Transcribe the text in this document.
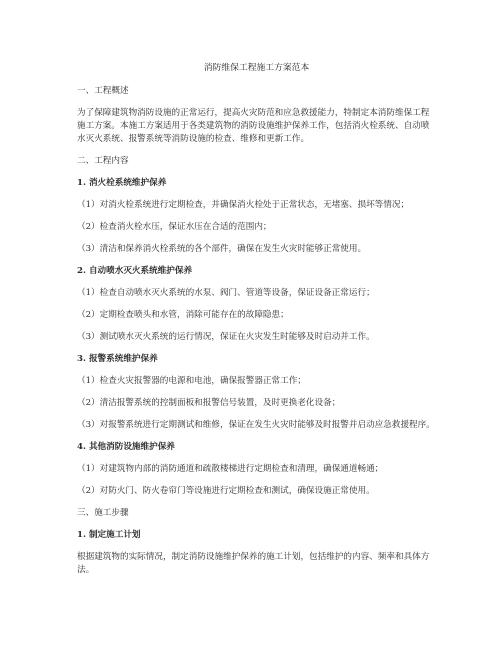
消防维保工程施工方案范本
一、工程概述
为了保障建筑物消防设施的正常运行，提高火灾防范和应急救援能力，特制定本消防维保工程施工方案。本施工方案适用于各类建筑物的消防设施维护保养工作，包括消火栓系统、自动喷水灭火系统、报警系统等消防设施的检查、维修和更新工作。
二、工程内容
1. 消火栓系统维护保养
（1）对消火栓系统进行定期检查，并确保消火栓处于正常状态，无堵塞、损坏等情况；
（2）检查消火栓水压，保证水压在合适的范围内；
（3）清洁和保养消火栓系统的各个部件，确保在发生火灾时能够正常使用。
2. 自动喷水灭火系统维护保养
（1）检查自动喷水灭火系统的水泵、阀门、管道等设备，保证设备正常运行；
（2）定期检查喷头和水管，消除可能存在的故障隐患；
（3）测试喷水灭火系统的运行情况，保证在火灾发生时能够及时启动并工作。
3. 报警系统维护保养
（1）检查火灾报警器的电源和电池，确保报警器正常工作；
（2）清洁报警系统的控制面板和报警信号装置，及时更换老化设备；
（3）对报警系统进行定期测试和维修，保证在发生火灾时能够及时报警并启动应急救援程序。
4. 其他消防设施维护保养
（1）对建筑物内部的消防通道和疏散楼梯进行定期检查和清理，确保通道畅通；
（2）对防火门、防火卷帘门等设施进行定期检查和测试，确保设施正常使用。
三、施工步骤
1. 制定施工计划
根据建筑物的实际情况，制定消防设施维护保养的施工计划，包括维护的内容、频率和具体方法。
